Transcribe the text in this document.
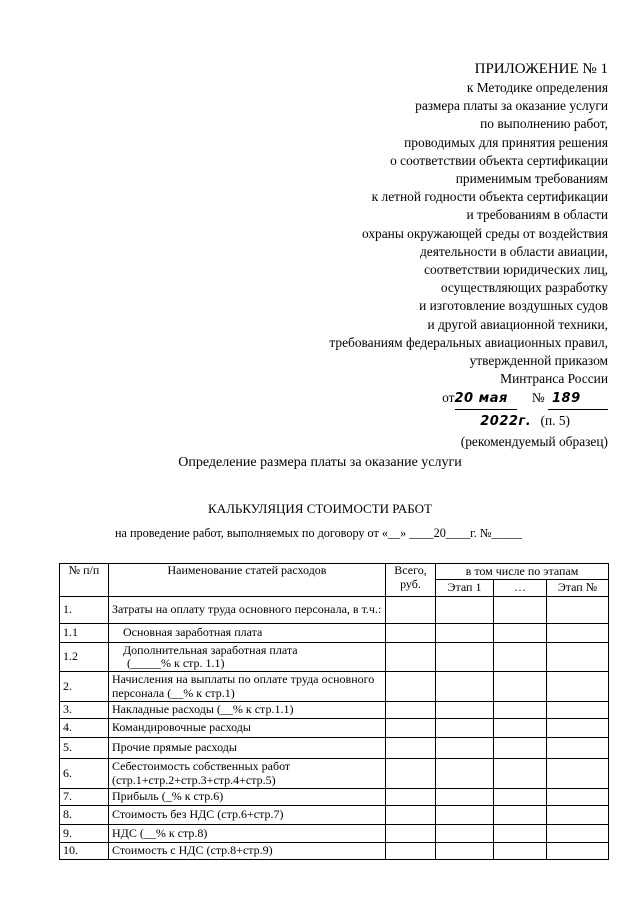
ПРИЛОЖЕНИЕ № 1
к Методике определения
размера платы за оказание услуги
по выполнению работ,
проводимых для принятия решения
о соответствии объекта сертификации
применимым требованиям
к летной годности объекта сертификации
и требованиям в области
охраны окружающей среды от воздействия
деятельности в области авиации,
соответствии юридических лиц,
осуществляющих разработку
и изготовление воздушных судов
и другой авиационной техники,
требованиям федеральных авиационных правил,
утвержденной приказом
Минтранса России
от20 мая № 189
2022г. (п. 5)
(рекомендуемый образец)
Определение размера платы за оказание услуги
КАЛЬКУЛЯЦИЯ СТОИМОСТИ РАБОТ
на проведение работ, выполняемых по договору от «__» ____20____г. №_____
№ п/п	Наименование статей расходов	Всего, руб.	в том числе по этапам		
			Этап 1	…	Этап №
1.	Затраты на оплату труда основного персонала, в т.ч.:				
1.1	Основная заработная плата				
1.2	Дополнительная заработная плата
(_____% к стр. 1.1)				

2.	Начисления на выплаты по оплате труда основного персонала (__% к стр.1)				
3.	Накладные расходы (__% к стр.1.1)				
4.	Командировочные расходы				
5.	Прочие прямые расходы				
6.	Себестоимость собственных работ
(стр.1+стр.2+стр.3+стр.4+стр.5)				

7.	Прибыль (_% к стр.6)				
8.	Стоимость без НДС (стр.6+стр.7)				
9.	НДС (__% к стр.8)				
10.	Стоимость с НДС (стр.8+стр.9)				
